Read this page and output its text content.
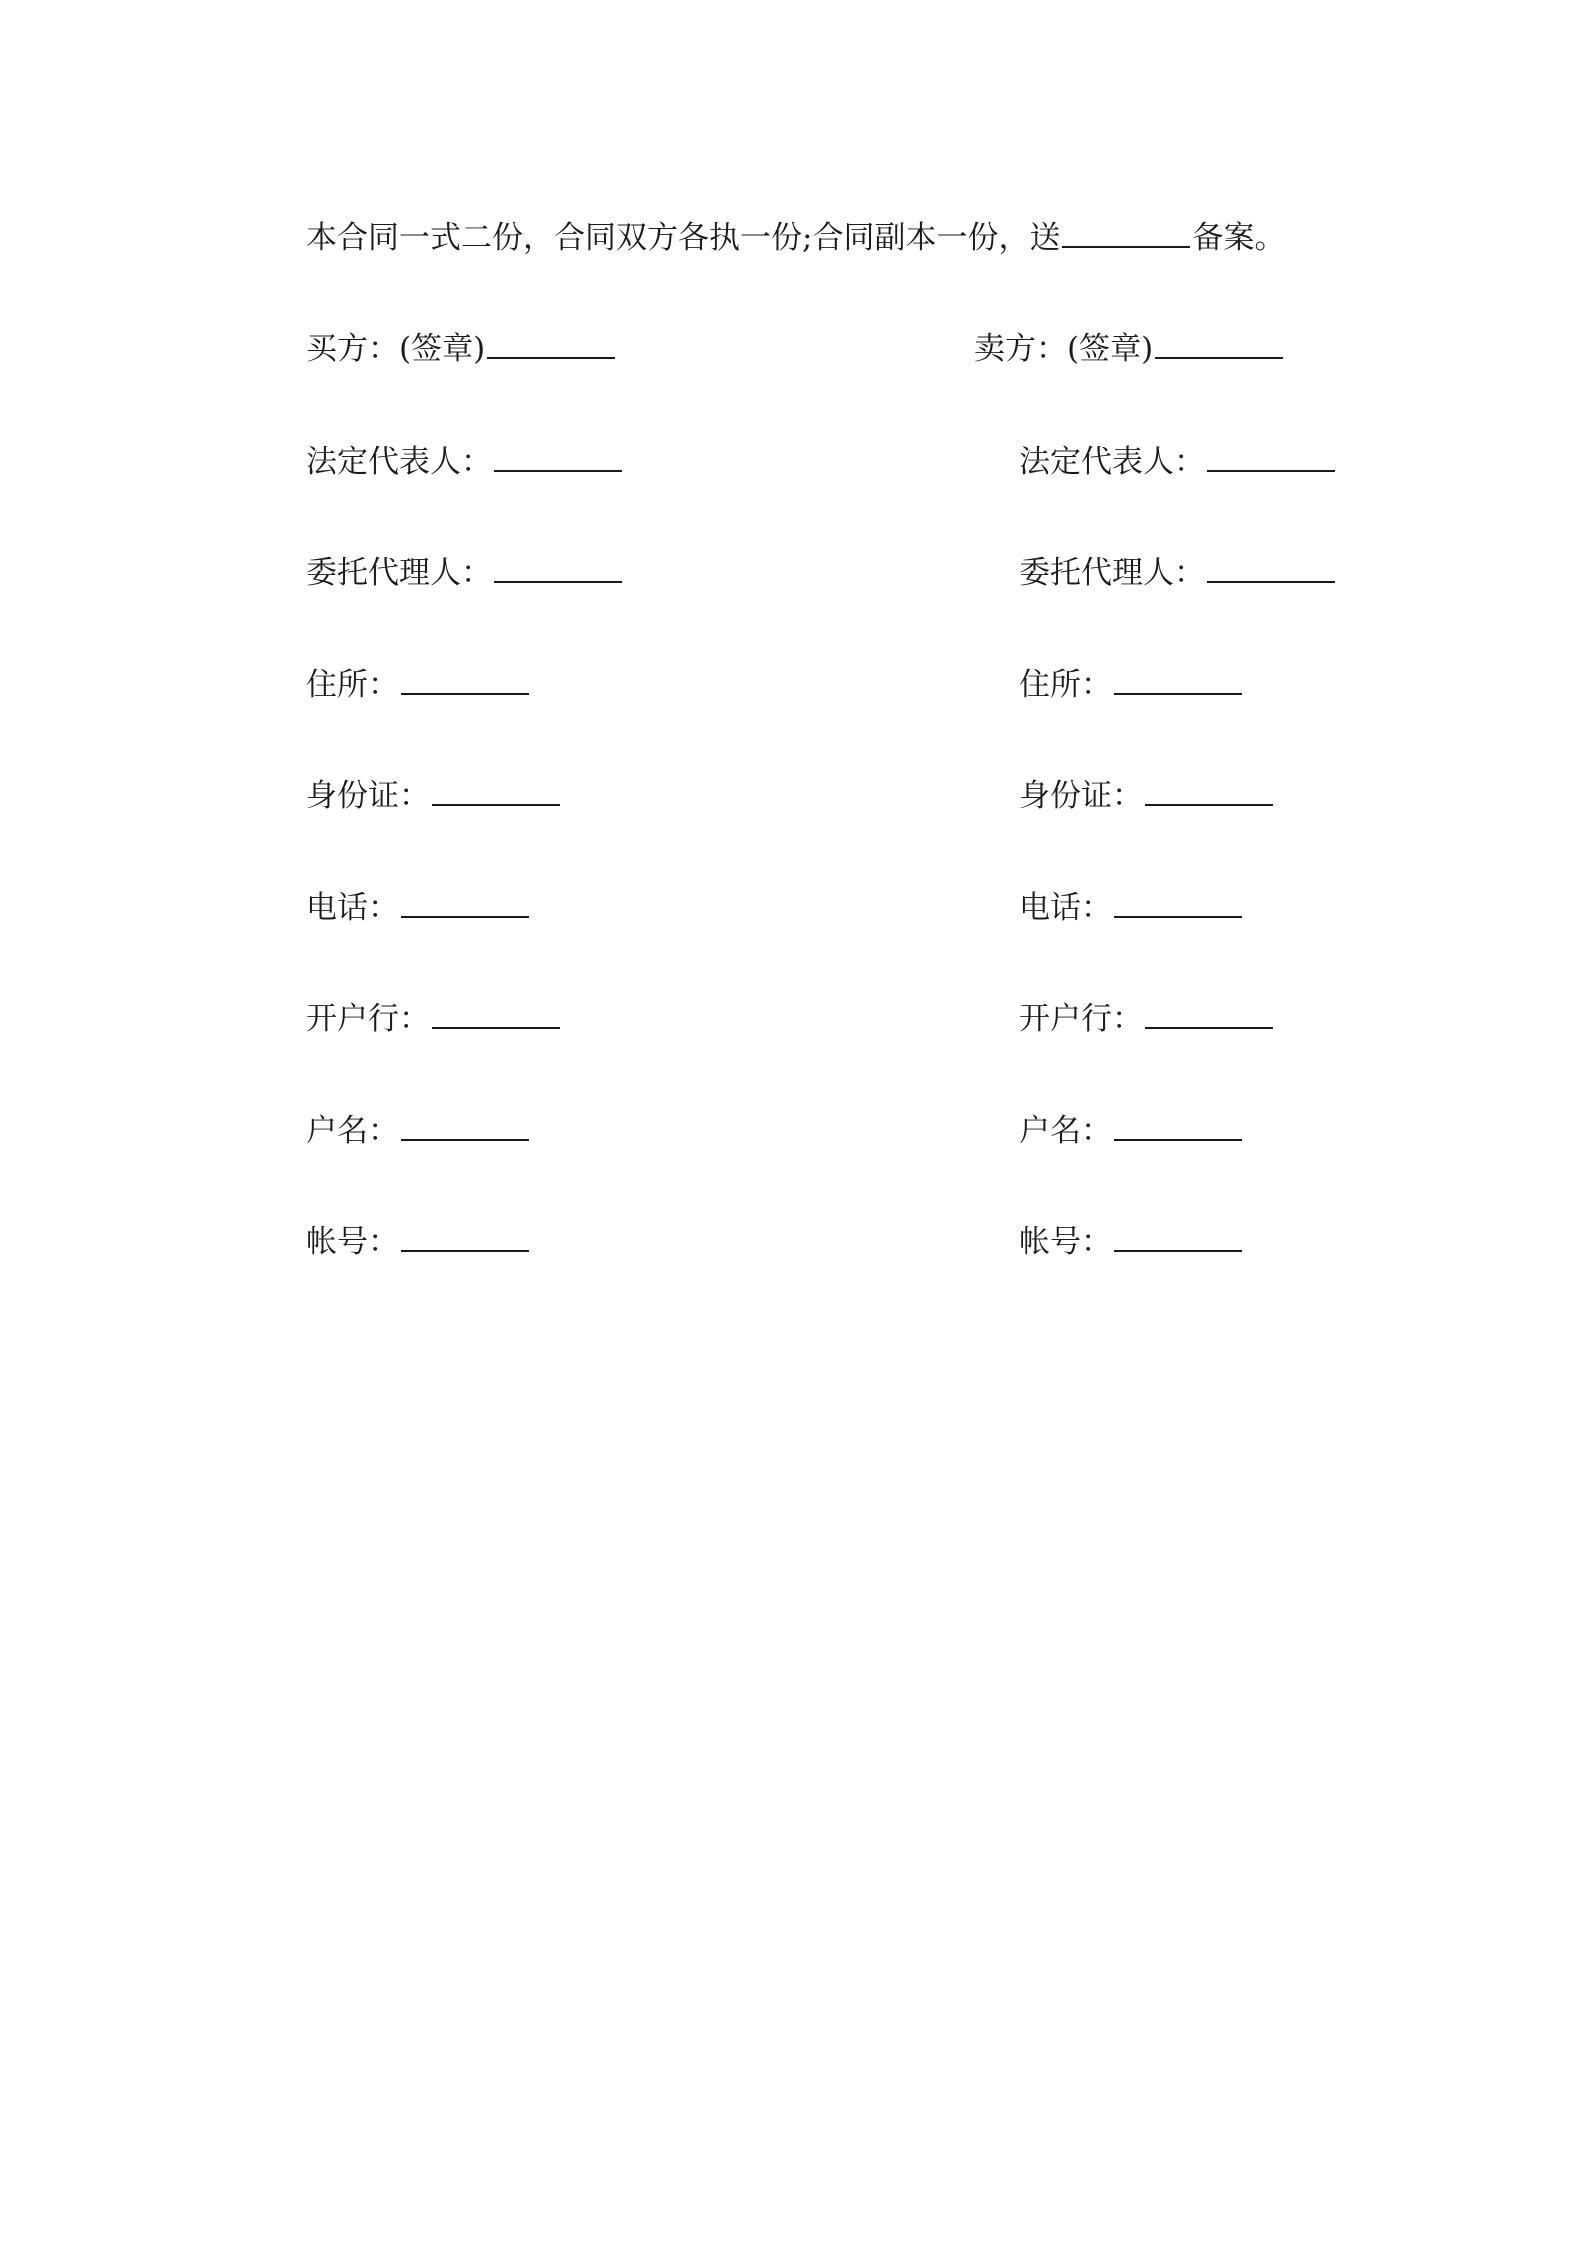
本合同一式二份，合同双方各执一份;合同副本一份，送	备案。
买方：(签章)
法定代表人：
委托代理人：
住所：
身份证：
电话：
开户行：
户名：
帐号：
卖方：(签章)
法定代表人：
委托代理人：
住所：
身份证：
电话：
开户行：
户名：
帐号：
